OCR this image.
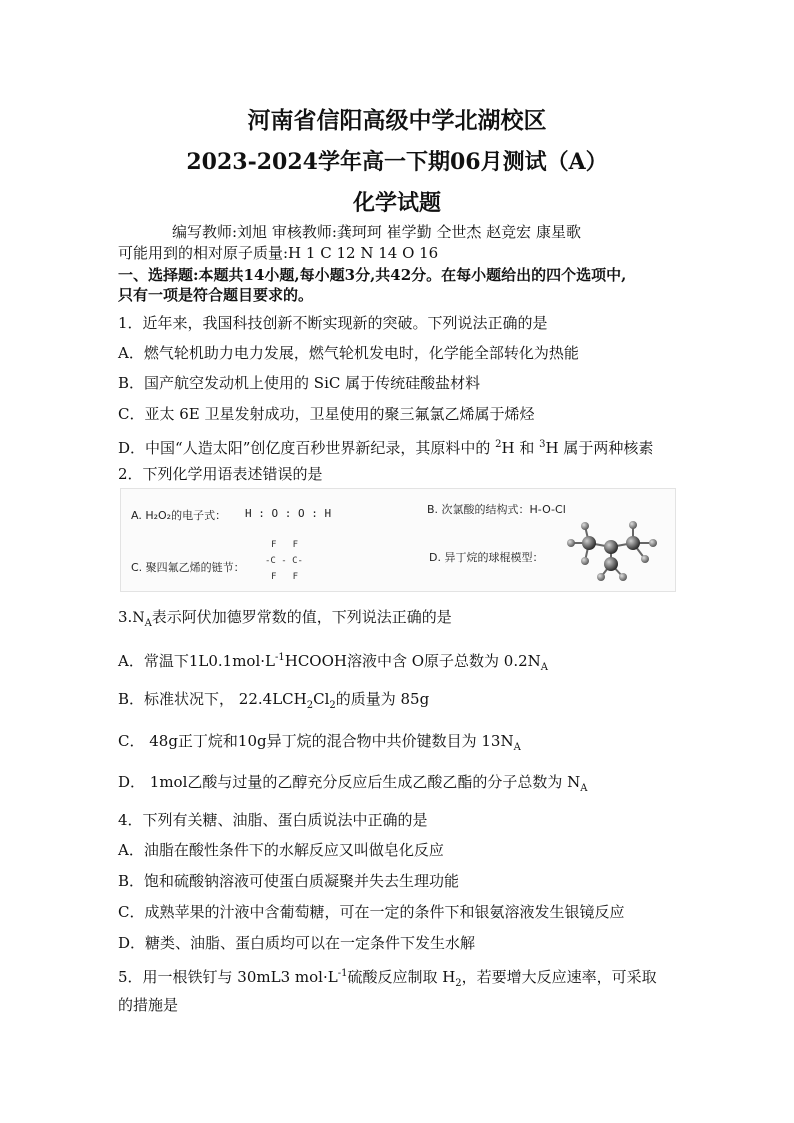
河南省信阳高级中学北湖校区
2023-2024学年高一下期06月测试（A）
化学试题
编写教师:刘旭 审核教师:龚珂珂 崔学勤 仝世杰 赵竞宏 康星歌
可能用到的相对原子质量:H 1 C 12 N 14 O 16
一、选择题:本题共14小题,每小题3分,共42分。在每小题给出的四个选项中,
只有一项是符合题目要求的。
1．近年来，我国科技创新不断实现新的突破。下列说法正确的是
A．燃气轮机助力电力发展，燃气轮机发电时，化学能全部转化为热能
B．国产航空发动机上使用的 SiC 属于传统硅酸盐材料
C．亚太 6E 卫星发射成功，卫星使用的聚三氟氯乙烯属于烯烃
D．中国“人造太阳”创亿度百秒世界新纪录，其原料中的 $^2$H 和 $^3$H 属于两种核素
2．下列化学用语表述错误的是
A. H₂O₂的电子式： H : O : O : H	B. 次氯酸的结构式：H-O-Cl
C. 聚四氟乙烯的链节：
F   F
-C - C-
F   F
D. 异丁烷的球棍模型：
$3.N_A$表示阿伏加德罗常数的值，下列说法正确的是
A．常温下$1L0.1mol\cdot L^{-1}HCOOH$溶液中含 O原子总数为 $0.2N_A$
B．标准状况下， $22.4LCH_2Cl_2$的质量为 85g
C． 48g正丁烷和10g异丁烷的混合物中共价键数目为 $13N_A$
D． 1mol乙酸与过量的乙醇充分反应后生成乙酸乙酯的分子总数为 $N_A$
4．下列有关糖、油脂、蛋白质说法中正确的是
A．油脂在酸性条件下的水解反应又叫做皂化反应
B．饱和硫酸钠溶液可使蛋白质凝聚并失去生理功能
C．成熟苹果的汁液中含葡萄糖，可在一定的条件下和银氨溶液发生银镜反应
D．糖类、油脂、蛋白质均可以在一定条件下发生水解
5．用一根铁钉与 30mL3 $mol\cdot L^{-1}$硫酸反应制取 $H_2$，若要增大反应速率，可采取
的措施是
